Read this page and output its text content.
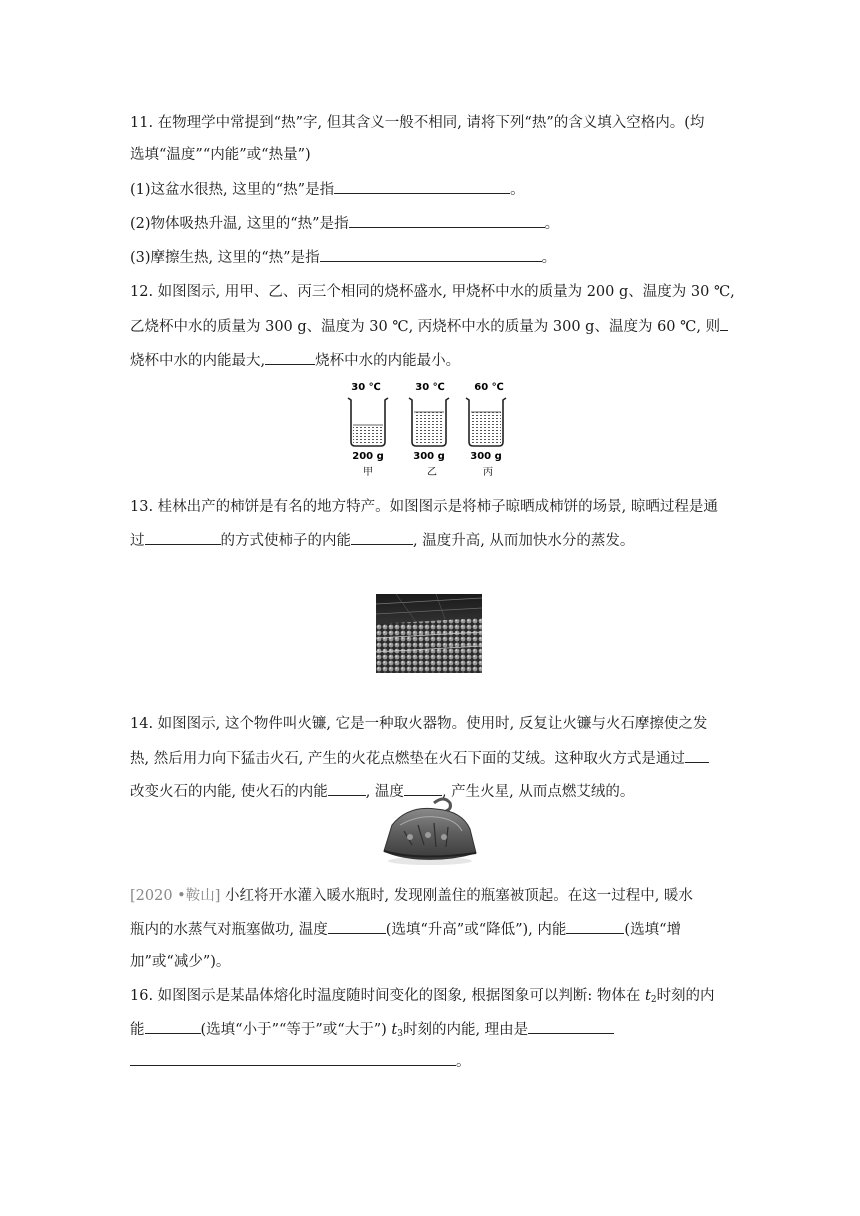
11. 在物理学中常提到“热”字, 但其含义一般不相同, 请将下列“热”的含义填入空格内。(均
选填“温度”“内能”或“热量”)
(1)这盆水很热, 这里的“热”是指	。
(2)物体吸热升温, 这里的“热”是指	。
(3)摩擦生热, 这里的“热”是指	。
12. 如图图示, 用甲、乙、丙三个相同的烧杯盛水, 甲烧杯中水的质量为 200 g、温度为 30 ℃,
乙烧杯中水的质量为 300 g、温度为 30 ℃, 丙烧杯中水的质量为 300 g、温度为 60 ℃, 则
烧杯中水的内能最大,	烧杯中水的内能最小。
30 ℃
200 g
甲
30 ℃
300 g
乙
60 ℃
300 g
丙
13. 桂林出产的柿饼是有名的地方特产。如图图示是将柿子晾晒成柿饼的场景, 晾晒过程是通
过	的方式使柿子的内能	, 温度升高, 从而加快水分的蒸发。
14. 如图图示, 这个物件叫火镰, 它是一种取火器物。使用时, 反复让火镰与火石摩擦使之发
热, 然后用力向下猛击火石, 产生的火花点燃垫在火石下面的艾绒。这种取火方式是通过
改变火石的内能, 使火石的内能	, 温度	, 产生火星, 从而点燃艾绒的。
[2020 •鞍山] 小红将开水灌入暖水瓶时, 发现刚盖住的瓶塞被顶起。在这一过程中, 暖水
瓶内的水蒸气对瓶塞做功, 温度	(选填“升高”或“降低”), 内能	(选填“增
加”或“减少”)。
16. 如图图示是某晶体熔化时温度随时间变化的图象, 根据图象可以判断: 物体在 $t_2$时刻的内
能	(选填“小于”“等于”或“大于”) $t_3$时刻的内能, 理由是
。
